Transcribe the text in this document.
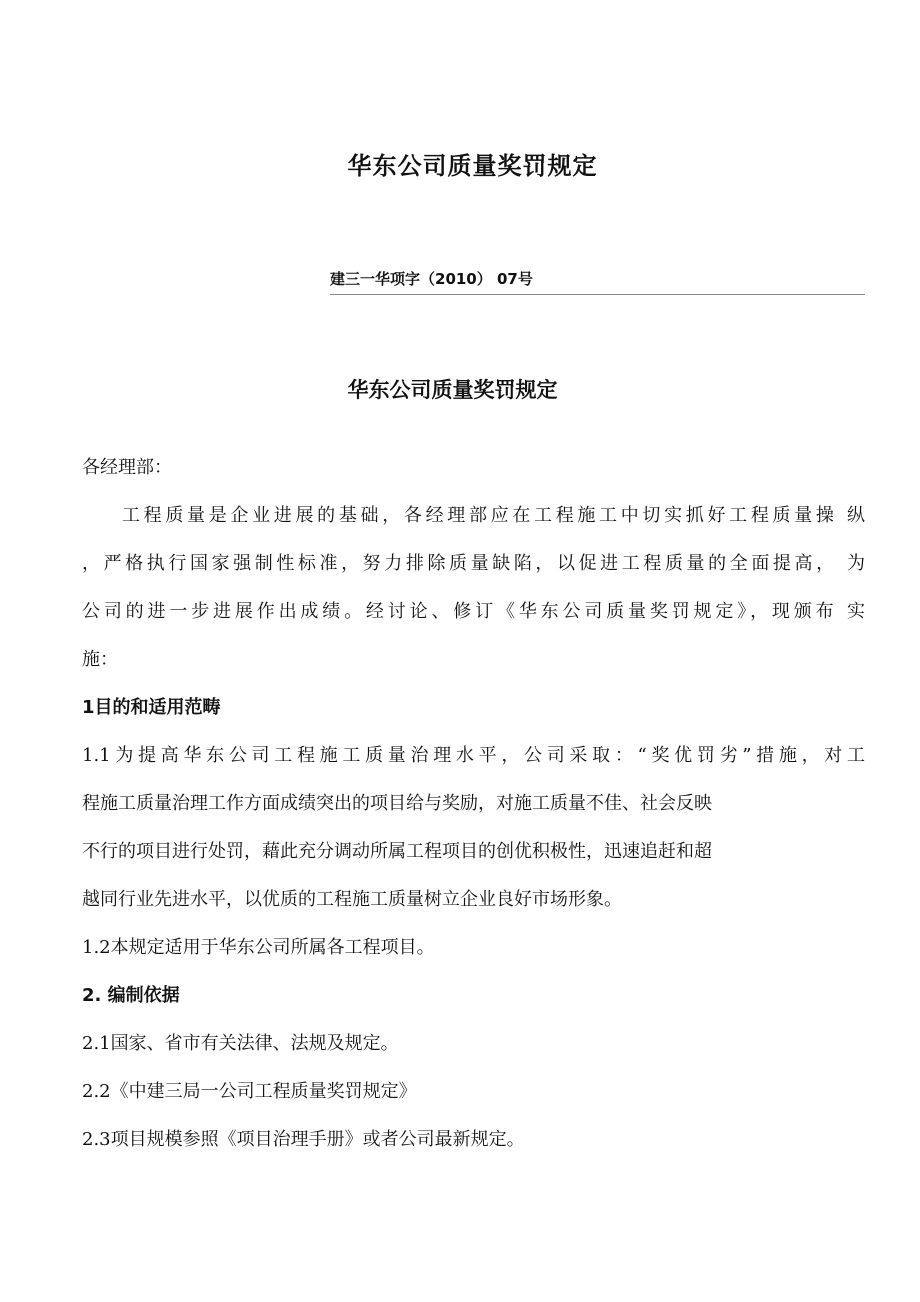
华东公司质量奖罚规定
建三一华项字（2010） 07号
华东公司质量奖罚规定
各经理部：
工程质量是企业进展的基础，各经理部应在工程施工中切实抓好工程质量操 纵
，严格执行国家强制性标准，努力排除质量缺陷，以促进工程质量的全面提高， 为
公司的进一步进展作出成绩。经讨论、修订《华东公司质量奖罚规定》，现颁布 实
施：
1目的和适用范畴
1.1为提高华东公司工程施工质量治理水平，公司采取：“奖优罚劣”措施，对工
程施工质量治理工作方面成绩突出的项目给与奖励，对施工质量不佳、社会反映
不行的项目进行处罚，藉此充分调动所属工程项目的创优积极性，迅速追赶和超
越同行业先进水平，以优质的工程施工质量树立企业良好市场形象。
1.2本规定适用于华东公司所属各工程项目。
2. 编制依据
2.1国家、省市有关法律、法规及规定。
2.2《中建三局一公司工程质量奖罚规定》
2.3项目规模参照《项目治理手册》或者公司最新规定。
